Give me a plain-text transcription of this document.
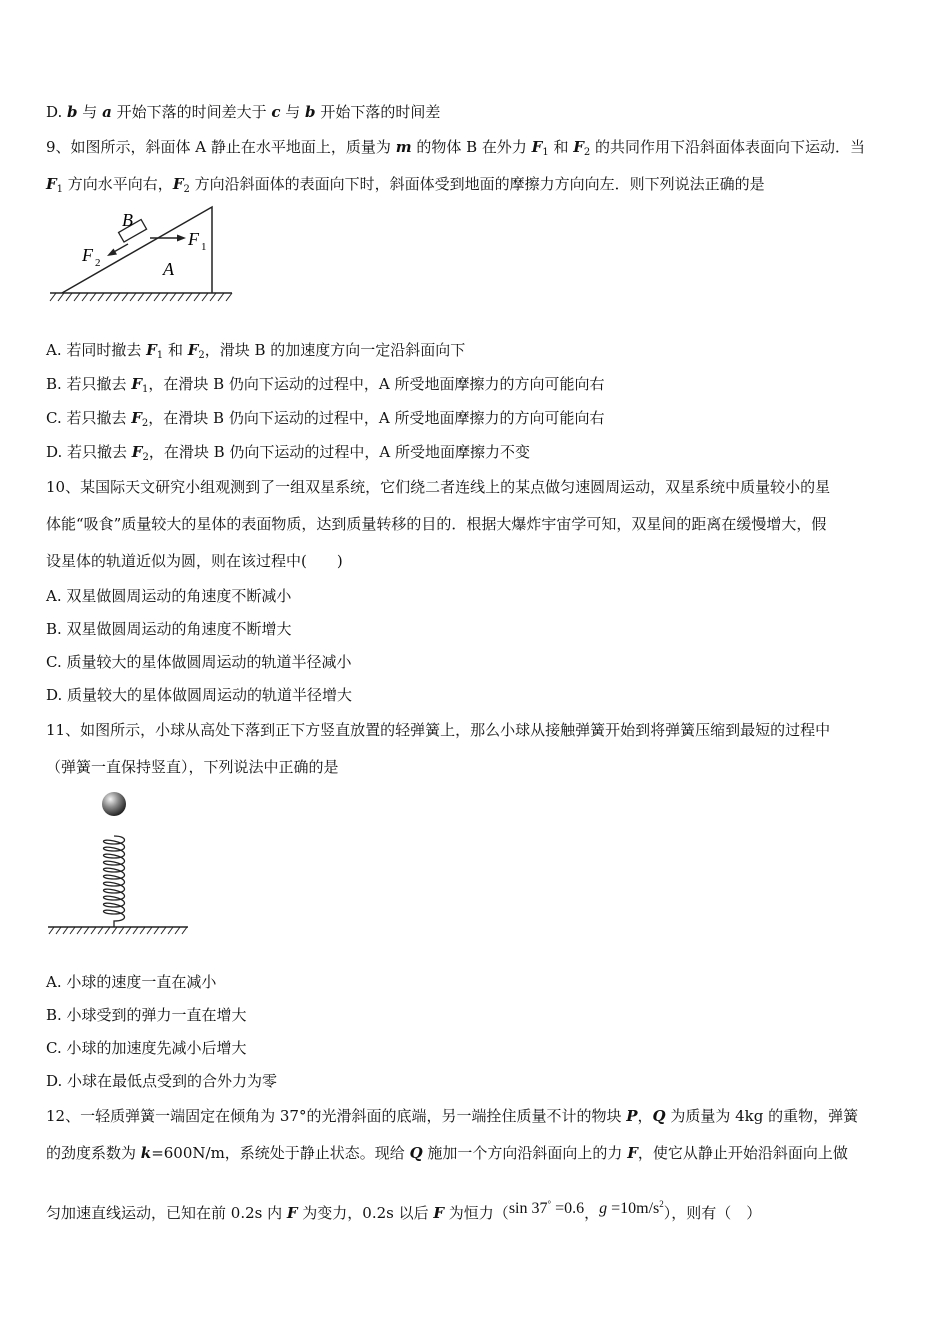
D. b 与 a 开始下落的时间差大于 c 与 b 开始下落的时间差
9、如图所示，斜面体 A 静止在水平地面上，质量为 m 的物体 B 在外力 $F_1$ 和 $F_2$ 的共同作用下沿斜面体表面向下运动．当
$F_1$ 方向水平向右，$F_2$ 方向沿斜面体的表面向下时，斜面体受到地面的摩擦力方向向左．则下列说法正确的是
B
F 1
F 2	A
A. 若同时撤去 $F_1$ 和 $F_2$，滑块 B 的加速度方向一定沿斜面向下
B. 若只撤去 $F_1$，在滑块 B 仍向下运动的过程中，A 所受地面摩擦力的方向可能向右
C. 若只撤去 $F_2$，在滑块 B 仍向下运动的过程中，A 所受地面摩擦力的方向可能向右
D. 若只撤去 $F_2$，在滑块 B 仍向下运动的过程中，A 所受地面摩擦力不变
10、某国际天文研究小组观测到了一组双星系统，它们绕二者连线上的某点做匀速圆周运动，双星系统中质量较小的星
体能“吸食”质量较大的星体的表面物质，达到质量转移的目的．根据大爆炸宇宙学可知，双星间的距离在缓慢增大，假
设星体的轨道近似为圆，则在该过程中(　　)
A. 双星做圆周运动的角速度不断减小
B. 双星做圆周运动的角速度不断增大
C. 质量较大的星体做圆周运动的轨道半径减小
D. 质量较大的星体做圆周运动的轨道半径增大
11、如图所示，小球从高处下落到正下方竖直放置的轻弹簧上，那么小球从接触弹簧开始到将弹簧压缩到最短的过程中
（弹簧一直保持竖直），下列说法中正确的是
A. 小球的速度一直在减小
B. 小球受到的弹力一直在增大
C. 小球的加速度先减小后增大
D. 小球在最低点受到的合外力为零
12、一轻质弹簧一端固定在倾角为 37°的光滑斜面的底端，另一端拴住质量不计的物块 P，Q 为质量为 4kg 的重物，弹簧
的劲度系数为 k=600N/m，系统处于静止状态。现给 Q 施加一个方向沿斜面向上的力 F，使它从静止开始沿斜面向上做
匀加速直线运动，已知在前 0.2s 内 F 为变力，0.2s 以后 F 为恒力（sin 37° =0.6，$g =10m/s^2$），则有（　）
